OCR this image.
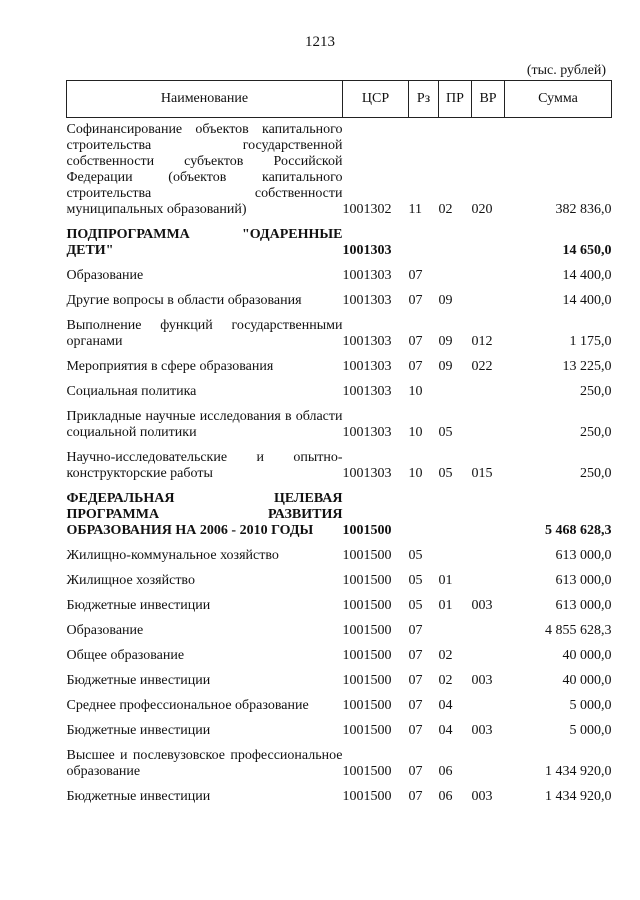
1213
(тыс. рублей)
Наименование	ЦСР	Рз	ПР	ВР	Сумма
Софинансирование объектов капитального строительства государственной собственности субъектов Российской Федерации (объектов капитального строительства собственности муниципальных образований)	1001302	11	02	020	382 836,0
ПОДПРОГРАММА "ОДАРЕННЫЕ ДЕТИ"	1001303				14 650,0
Образование	1001303	07			14 400,0
Другие вопросы в области образования	1001303	07	09		14 400,0
Выполнение функций государственными органами	1001303	07	09	012	1 175,0
Мероприятия в сфере образования	1001303	07	09	022	13 225,0
Социальная политика	1001303	10			250,0
Прикладные научные исследования в области социальной политики	1001303	10	05		250,0
Научно-исследовательские и опытно-конструкторские работы	1001303	10	05	015	250,0
ФЕДЕРАЛЬНАЯ ЦЕЛЕВАЯ ПРОГРАММА РАЗВИТИЯ ОБРАЗОВАНИЯ НА 2006 - 2010 ГОДЫ	1001500				5 468 628,3
Жилищно-коммунальное хозяйство	1001500	05			613 000,0
Жилищное хозяйство	1001500	05	01		613 000,0
Бюджетные инвестиции	1001500	05	01	003	613 000,0
Образование	1001500	07			4 855 628,3
Общее образование	1001500	07	02		40 000,0
Бюджетные инвестиции	1001500	07	02	003	40 000,0
Среднее профессиональное образование	1001500	07	04		5 000,0
Бюджетные инвестиции	1001500	07	04	003	5 000,0
Высшее и послевузовское профессиональное образование	1001500	07	06		1 434 920,0
Бюджетные инвестиции	1001500	07	06	003	1 434 920,0
